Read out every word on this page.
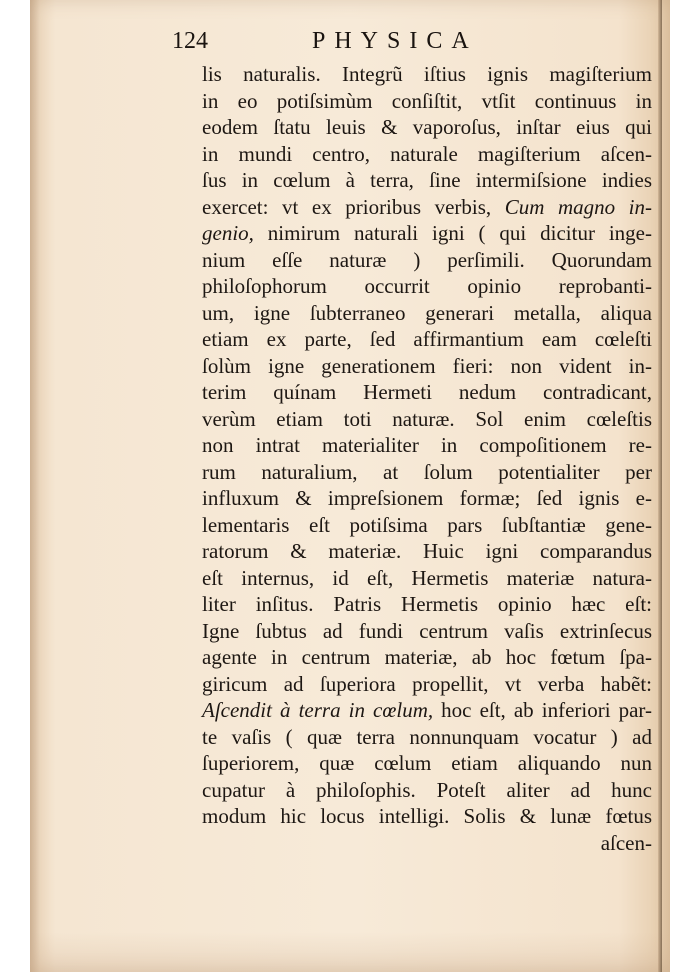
124	PHYSICA
lis naturalis. Integrũ iſtius ignis magiſterium
in eo potiſsimùm conſiſtit, vtſit continuus in
eodem ſtatu leuis & vaporoſus, inſtar eius qui
in mundi centro, naturale magiſterium aſcen-
ſus in cœlum à terra, ſine intermiſsione indies
exercet: vt ex prioribus verbis, Cum magno in-
genio, nimirum naturali igni ( qui dicitur inge-
nium eſſe naturæ ) perſimili. Quorundam
philoſophorum occurrit opinio reprobanti-
um, igne ſubterraneo generari metalla, aliqua
etiam ex parte, ſed affirmantium eam cœleſti
ſolùm igne generationem fieri: non vident in-
terim quínam Hermeti nedum contradicant,
verùm etiam toti naturæ. Sol enim cœleſtis
non intrat materialiter in compoſitionem re-
rum naturalium, at ſolum potentialiter per
influxum & impreſsionem formæ; ſed ignis e-
lementaris eſt potiſsima pars ſubſtantiæ gene-
ratorum & materiæ. Huic igni comparandus
eſt internus, id eſt, Hermetis materiæ natura-
liter inſitus. Patris Hermetis opinio hæc eſt:
Igne ſubtus ad fundi centrum vaſis extrinſecus
agente in centrum materiæ, ab hoc fœtum ſpa-
giricum ad ſuperiora propellit, vt verba habẽt:
Aſcendit à terra in cœlum, hoc eſt, ab inferiori par-
te vaſis ( quæ terra nonnunquam vocatur ) ad
ſuperiorem, quæ cœlum etiam aliquando nun
cupatur à philoſophis. Poteſt aliter ad hunc
modum hic locus intelligi. Solis & lunæ fœtus
aſcen-
